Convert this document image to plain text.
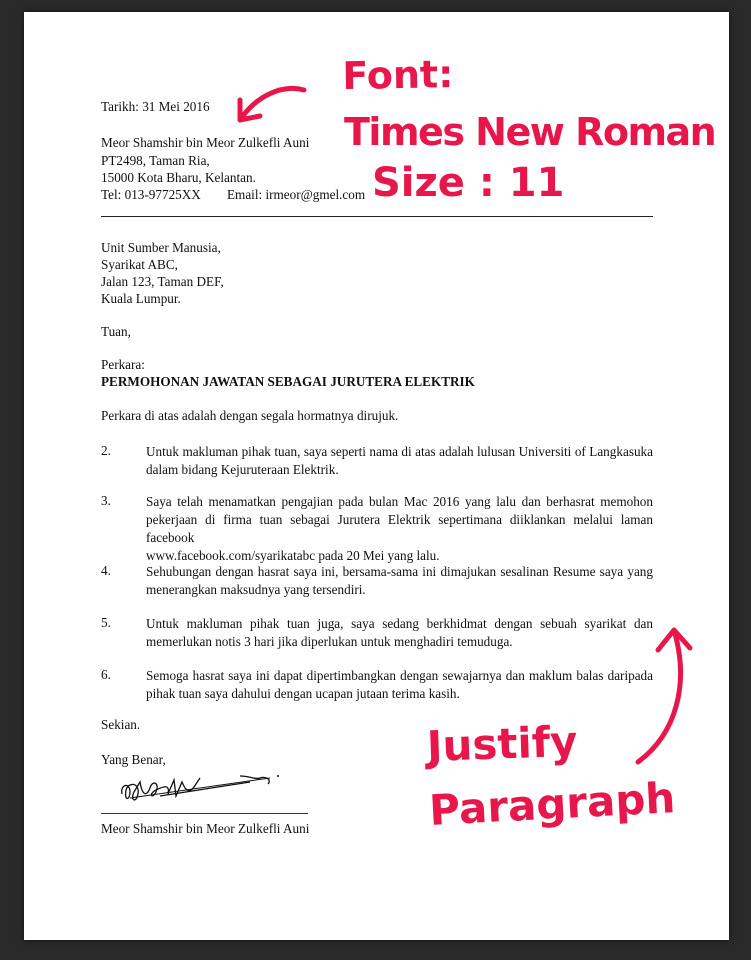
Tarikh: 31 Mei 2016
Meor Shamshir bin Meor Zulkefli Auni
PT2498, Taman Ria,
15000 Kota Bharu, Kelantan.
Tel: 013-97725XX Email: irmeor@gmel.com
Unit Sumber Manusia,
Syarikat ABC,
Jalan 123, Taman DEF,
Kuala Lumpur.
Tuan,
Perkara:
PERMOHONAN JAWATAN SEBAGAI JURUTERA ELEKTRIK
Perkara di atas adalah dengan segala hormatnya dirujuk.
2.	Untuk makluman pihak tuan, saya seperti nama di atas adalah lulusan Universiti of Langkasuka
dalam bidang Kejuruteraan Elektrik.
3.	Saya telah menamatkan pengajian pada bulan Mac 2016 yang lalu dan berhasrat memohon
pekerjaan di firma tuan sebagai Jurutera Elektrik sepertimana diiklankan melalui laman facebook
www.facebook.com/syarikatabc pada 20 Mei yang lalu.
4.	Sehubungan dengan hasrat saya ini, bersama-sama ini dimajukan sesalinan Resume saya yang
menerangkan maksudnya yang tersendiri.
5.	Untuk makluman pihak tuan juga, saya sedang berkhidmat dengan sebuah syarikat dan
memerlukan notis 3 hari jika diperlukan untuk menghadiri temuduga.
6.	Semoga hasrat saya ini dapat dipertimbangkan dengan sewajarnya dan maklum balas daripada
pihak tuan saya dahului dengan ucapan jutaan terima kasih.
Sekian.
Yang Benar,
Meor Shamshir bin Meor Zulkefli Auni
Font:
Times New Roman
Size : 11
Justify
Paragraph
